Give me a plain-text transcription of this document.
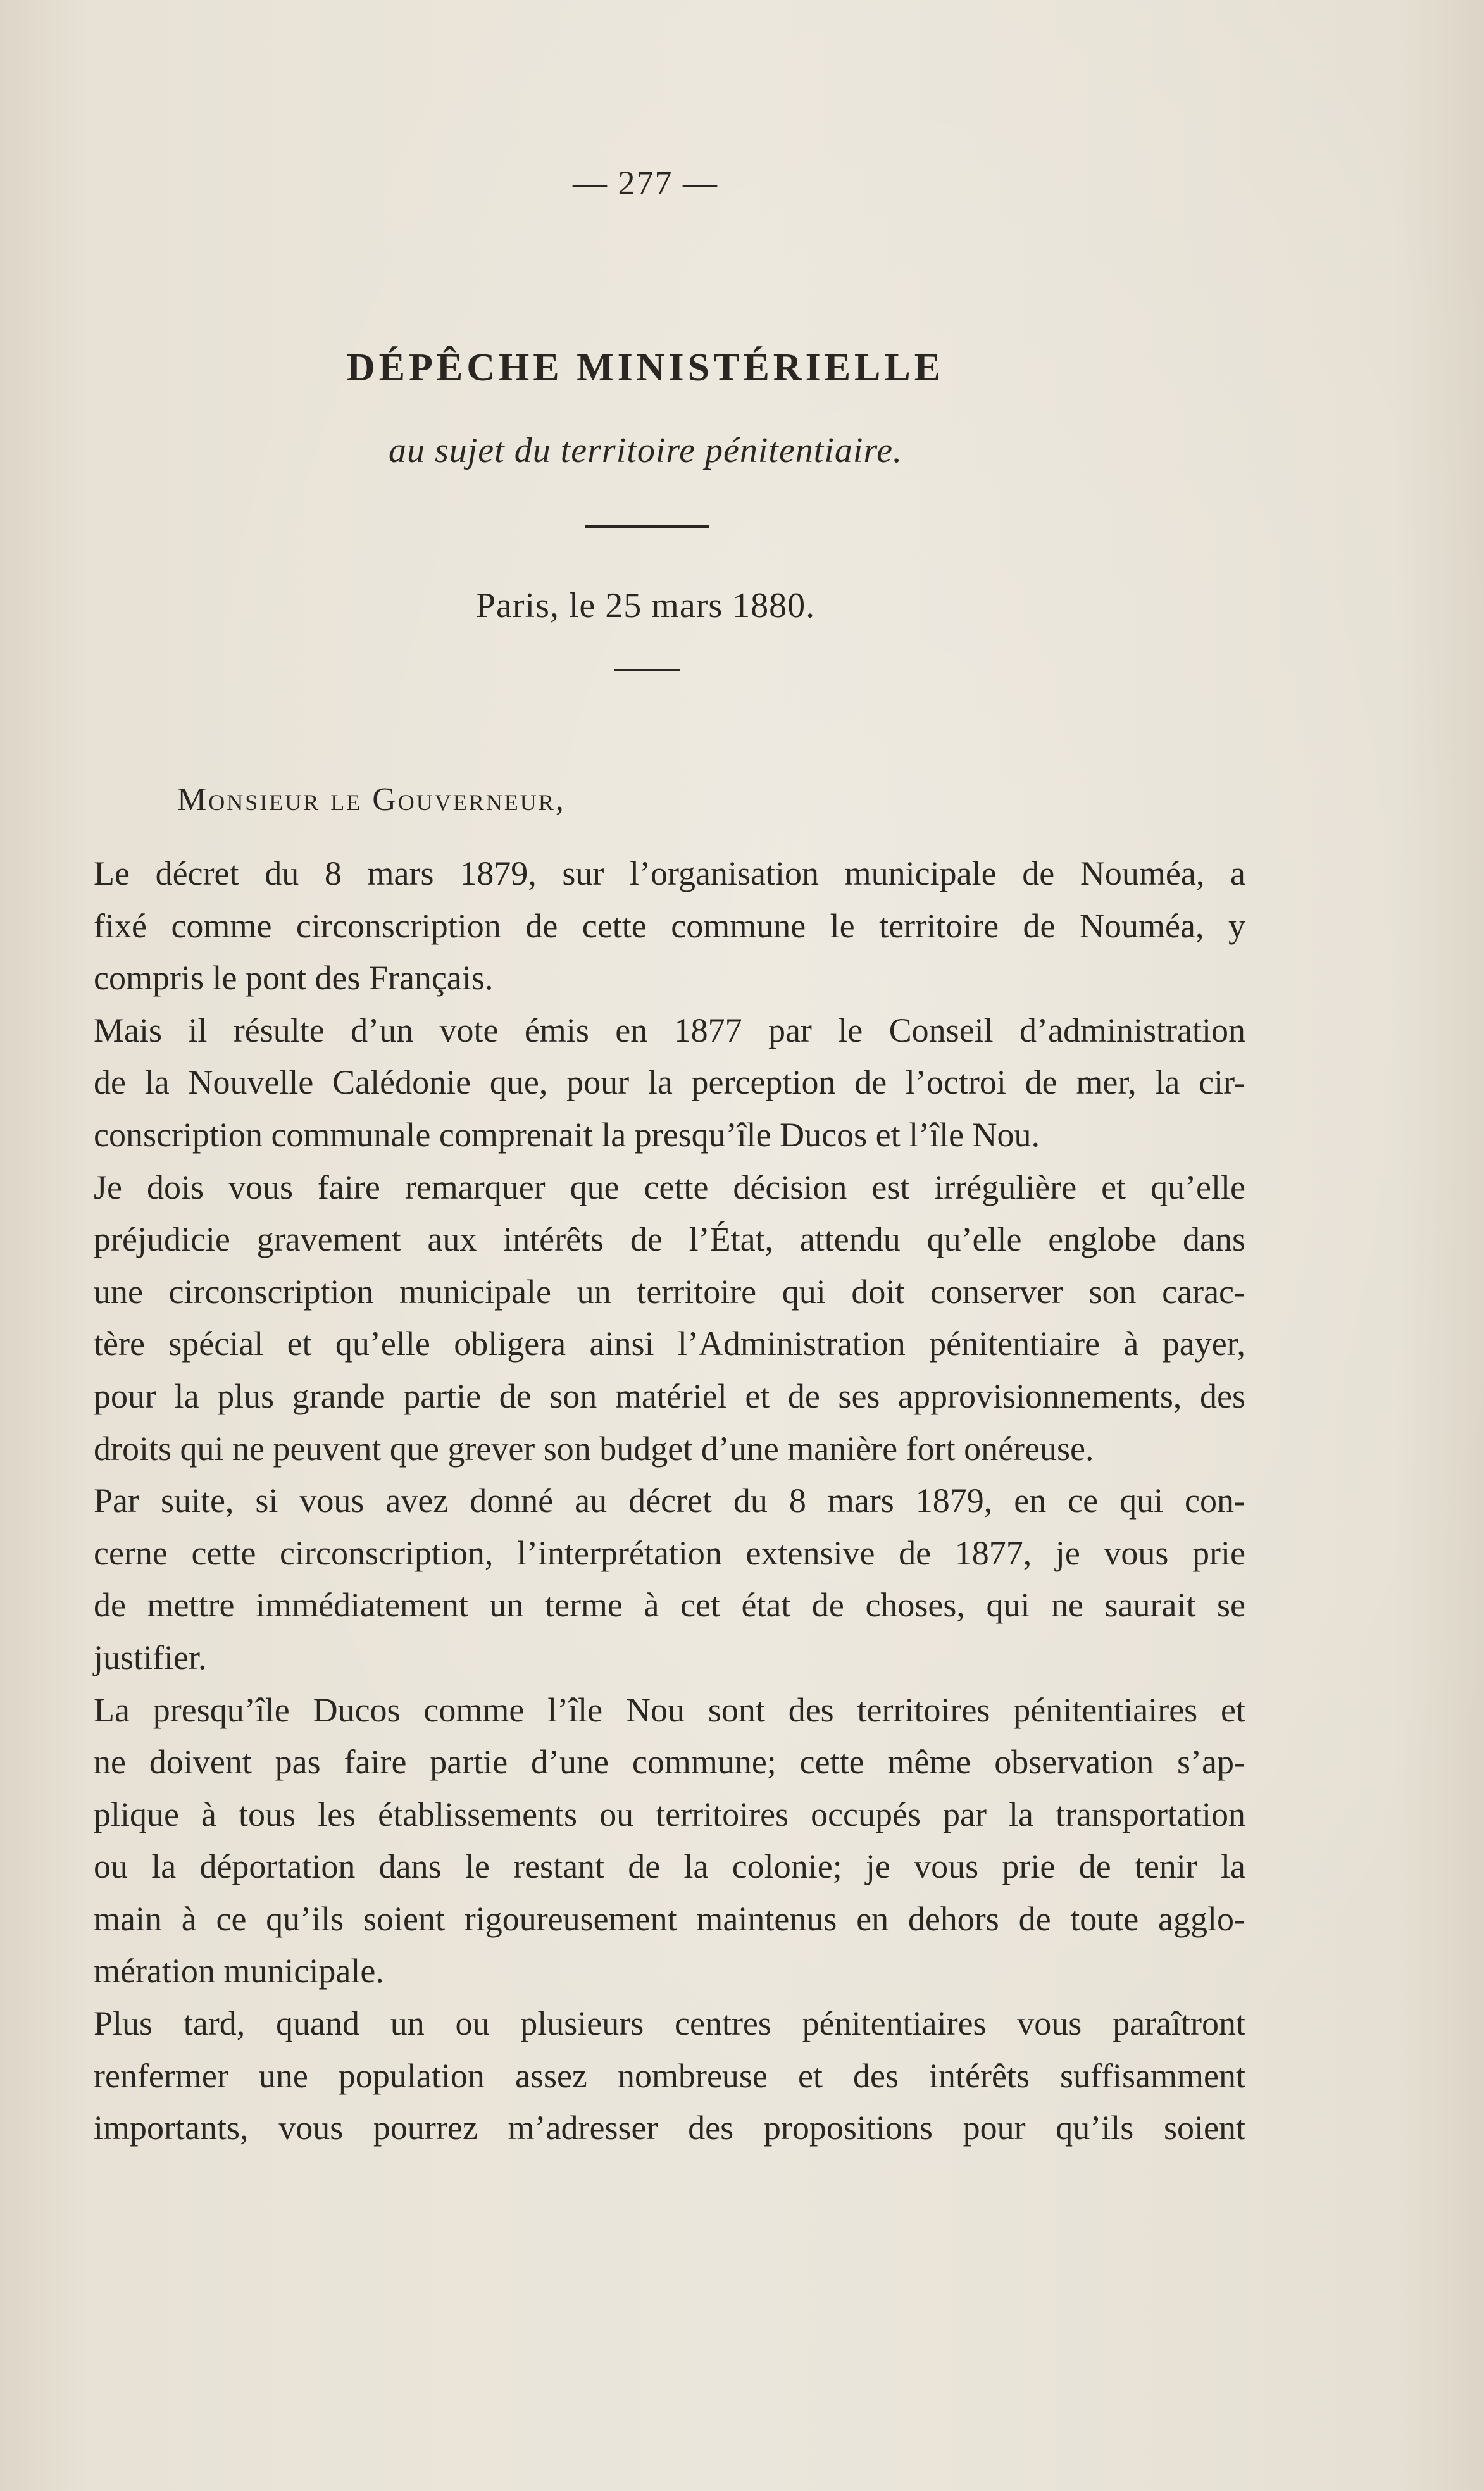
— 277 —
DÉPÊCHE MINISTÉRIELLE
au sujet du territoire pénitentiaire.
Paris, le 25 mars 1880.
Monsieur le Gouverneur,
Le décret du 8 mars 1879, sur l’organisation municipale de Nouméa, a
fixé comme circonscription de cette commune le territoire de Nouméa, y
compris le pont des Français.
Mais il résulte d’un vote émis en 1877 par le Conseil d’administration
de la Nouvelle Calédonie que, pour la perception de l’octroi de mer, la cir-
conscription communale comprenait la presqu’île Ducos et l’île Nou.
Je dois vous faire remarquer que cette décision est irrégulière et qu’elle
préjudicie gravement aux intérêts de l’État, attendu qu’elle englobe dans
une circonscription municipale un territoire qui doit conserver son carac-
tère spécial et qu’elle obligera ainsi l’Administration pénitentiaire à payer,
pour la plus grande partie de son matériel et de ses approvisionnements, des
droits qui ne peuvent que grever son budget d’une manière fort onéreuse.
Par suite, si vous avez donné au décret du 8 mars 1879, en ce qui con-
cerne cette circonscription, l’interprétation extensive de 1877, je vous prie
de mettre immédiatement un terme à cet état de choses, qui ne saurait se
justifier.
La presqu’île Ducos comme l’île Nou sont des territoires pénitentiaires et
ne doivent pas faire partie d’une commune; cette même observation s’ap-
plique à tous les établissements ou territoires occupés par la transportation
ou la déportation dans le restant de la colonie; je vous prie de tenir la
main à ce qu’ils soient rigoureusement maintenus en dehors de toute agglo-
mération municipale.
Plus tard, quand un ou plusieurs centres pénitentiaires vous paraîtront
renfermer une population assez nombreuse et des intérêts suffisamment
importants, vous pourrez m’adresser des propositions pour qu’ils soient
